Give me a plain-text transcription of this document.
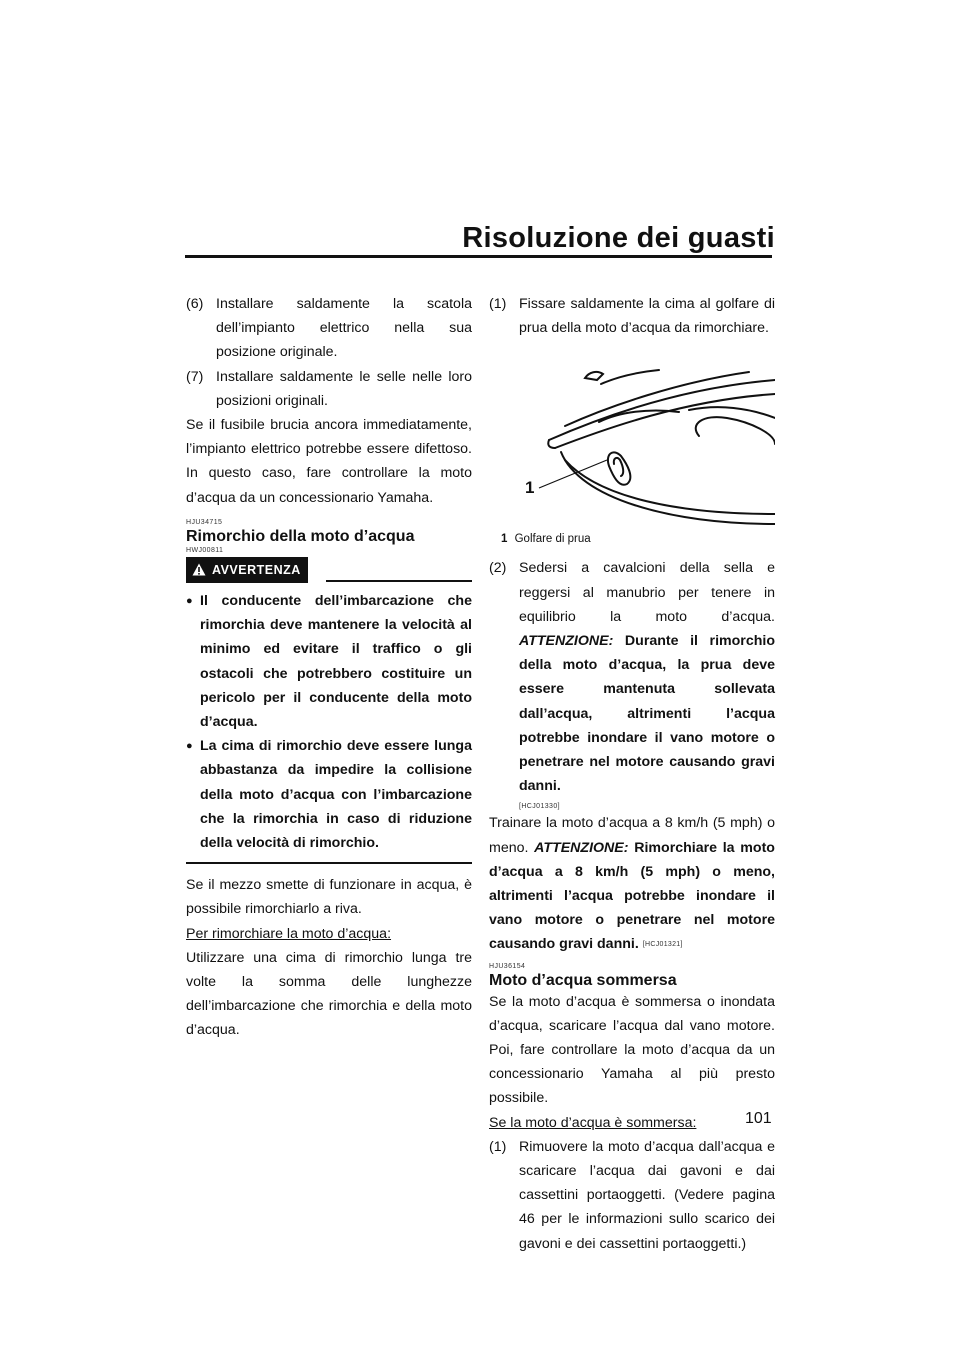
Risoluzione dei guasti
(6) Installare saldamente la scatola dell’impianto elettrico nella sua posizione originale.
(7) Installare saldamente le selle nelle loro posizioni originali.

Se il fusibile brucia ancora immediatamente, l’impianto elettrico potrebbe essere difettoso. In questo caso, fare controllare la moto d’acqua da un concessionario Yamaha.

HJU34715
Rimorchio della moto d’acqua
HWJ00811
AVVERTENZA
● Il conducente dell’imbarcazione che rimorchia deve mantenere la velocità al minimo ed evitare il traffico o gli ostacoli che potrebbero costituire un pericolo per il conducente della moto d’acqua.
● La cima di rimorchio deve essere lunga abbastanza da impedire la collisione della moto d’acqua con l’imbarcazione che la rimorchia in caso di riduzione della velocità di rimorchio.

Se il mezzo smette di funzionare in acqua, è possibile rimorchiarlo a riva.

Per rimorchiare la moto d’acqua:

Utilizzare una cima di rimorchio lunga tre volte la somma delle lunghezze dell’imbarcazione che rimorchia e della moto d’acqua.

(1) Fissare saldamente la cima al golfare di prua della moto d’acqua da rimorchiare.
1
1 Golfare di prua
(2) Sedersi a cavalcioni della sella e reggersi al manubrio per tenere in equilibrio la moto d’acqua. ATTENZIONE: Durante il rimorchio della moto d’acqua, la prua deve essere mantenuta sollevata dall’acqua, altrimenti l’acqua potrebbe inondare il vano motore o penetrare nel motore causando gravi danni.
[HCJ01330]

Trainare la moto d’acqua a 8 km/h (5 mph) o meno. ATTENZIONE: Rimorchiare la moto d’acqua a 8 km/h (5 mph) o meno, altrimenti l’acqua potrebbe inondare il vano motore o penetrare nel motore causando gravi danni. [HCJ01321]

HJU36154
Moto d’acqua sommersa

Se la moto d’acqua è sommersa o inondata d’acqua, scaricare l’acqua dal vano motore. Poi, fare controllare la moto d’acqua da un concessionario Yamaha al più presto possibile.

Se la moto d’acqua è sommersa:
(1) Rimuovere la moto d’acqua dall’acqua e scaricare l’acqua dai gavoni e dai cassettini portaoggetti. (Vedere pagina 46 per le informazioni sullo scarico dei gavoni e dei cassettini portaoggetti.)
101
